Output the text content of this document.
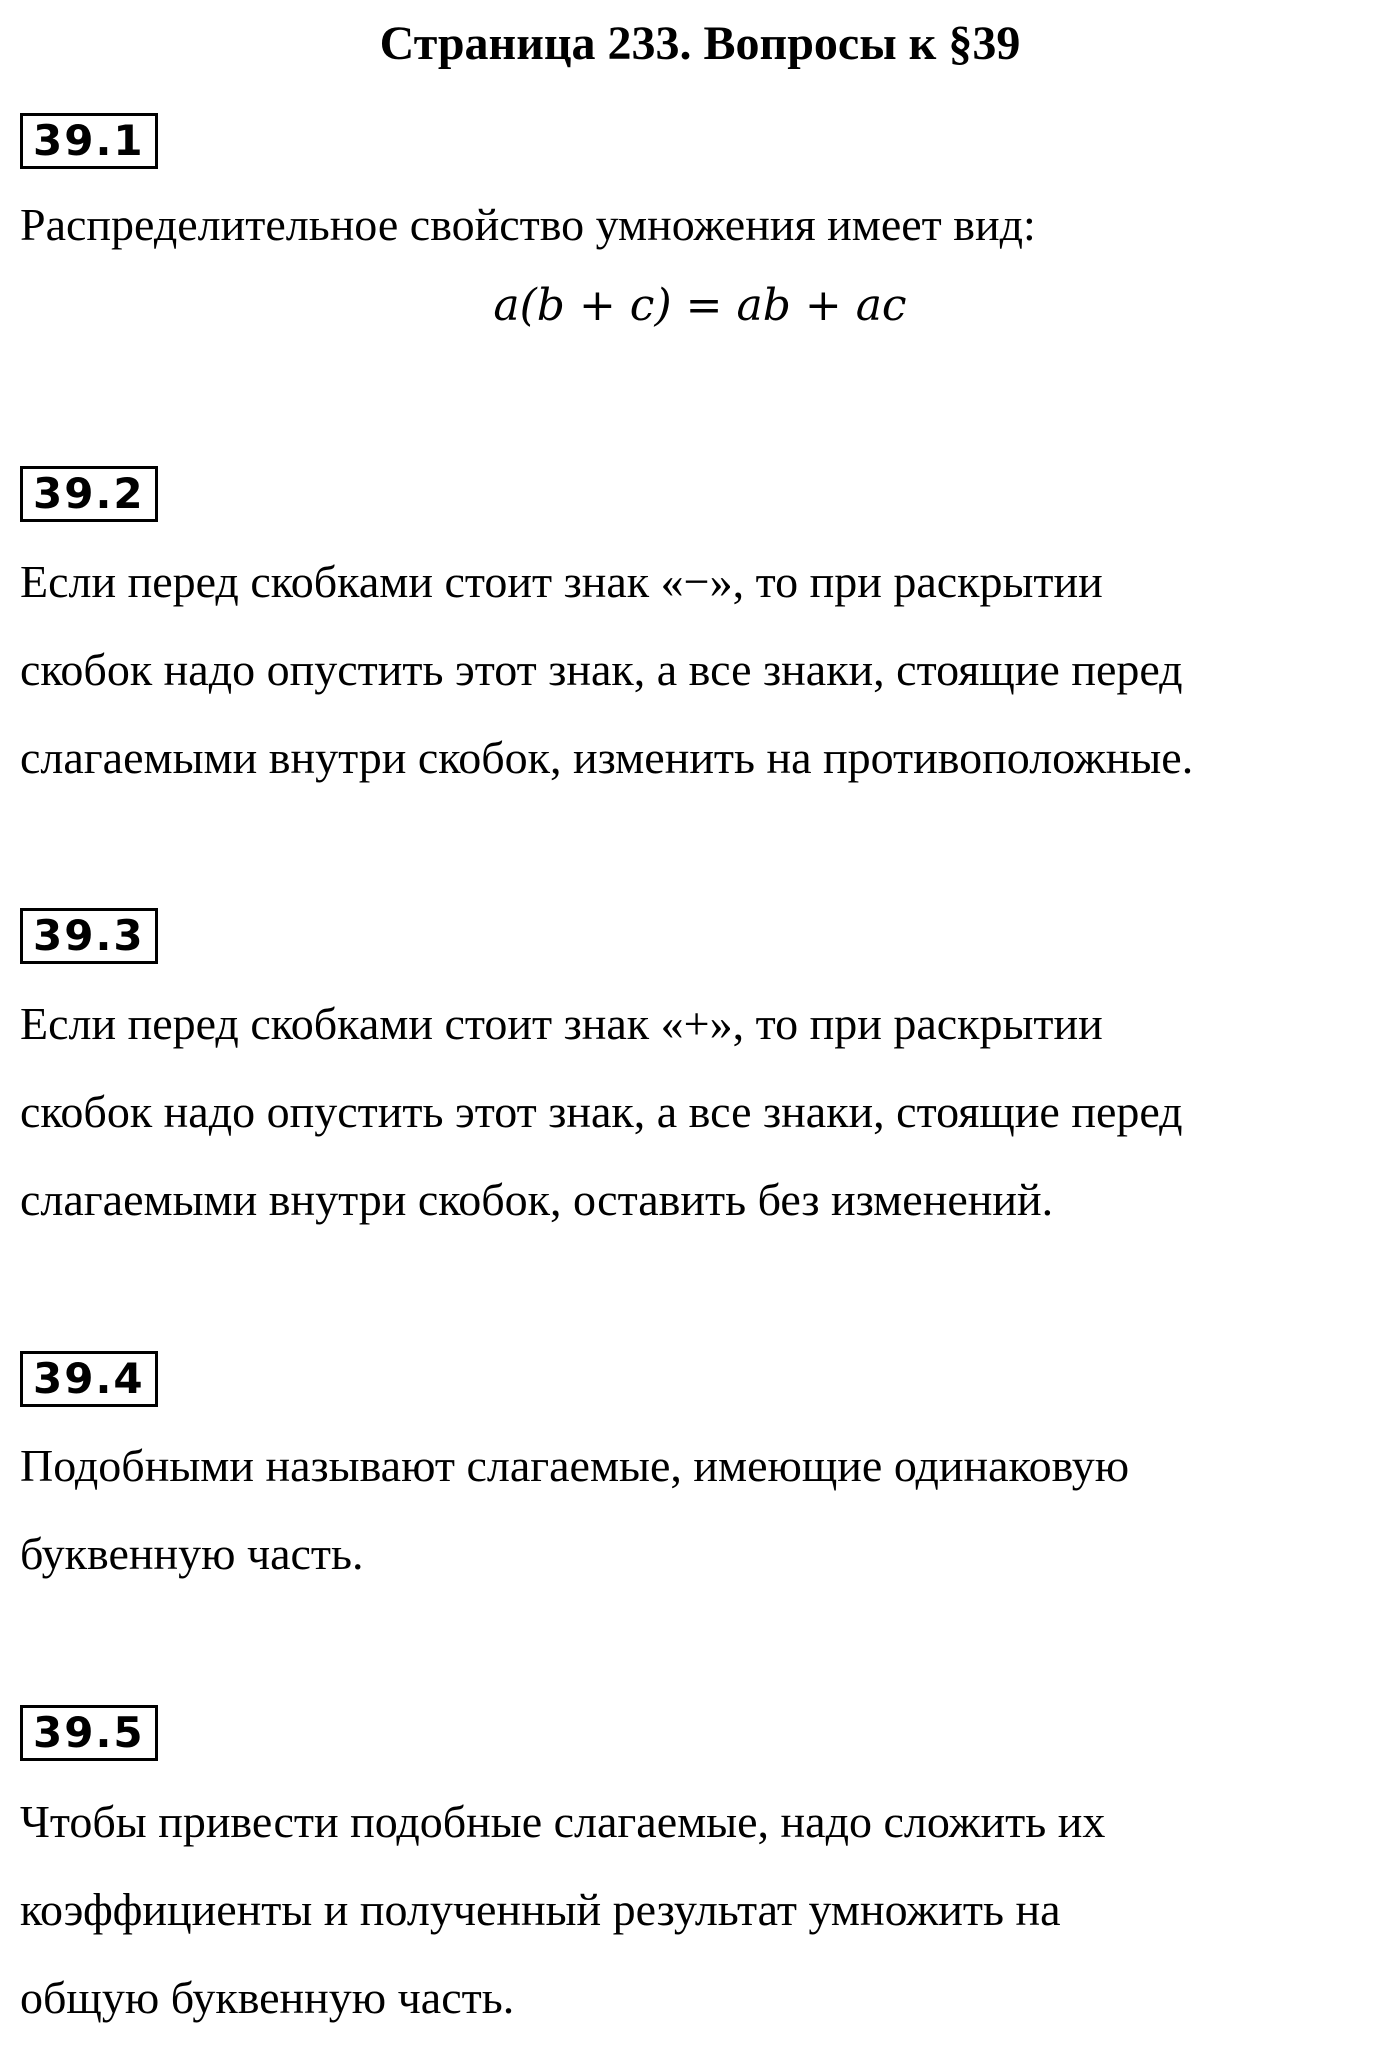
Страница 233. Вопросы к §39
39.1
Распределительное свойство умножения имеет вид:
a(b + c) = ab + ac
39.2
Если перед скобками стоит знак «−», то при раскрытии
скобок надо опустить этот знак, а все знаки, стоящие перед
слагаемыми внутри скобок, изменить на противоположные.
39.3
Если перед скобками стоит знак «+», то при раскрытии
скобок надо опустить этот знак, а все знаки, стоящие перед
слагаемыми внутри скобок, оставить без изменений.
39.4
Подобными называют слагаемые, имеющие одинаковую
буквенную часть.
39.5
Чтобы привести подобные слагаемые, надо сложить их
коэффициенты и полученный результат умножить на
общую буквенную часть.
